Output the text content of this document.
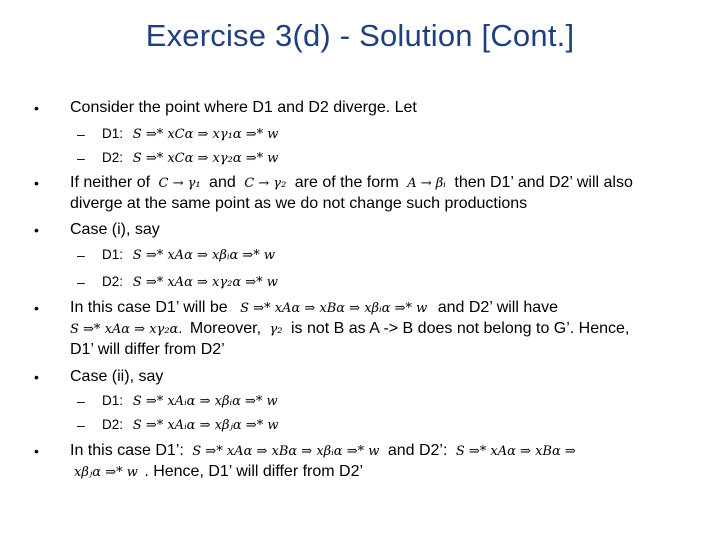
Exercise 3(d) - Solution [Cont.]
• Consider the point where D1 and D2 diverge. Let
– D1: S ⇒* xCα ⇒ xγ₁α ⇒* w
– D2: S ⇒* xCα ⇒ xγ₂α ⇒* w
• If neither of C → γ₁ and C → γ₂ are of the form A → βᵢ then D1’ and D2’ will also
diverge at the same point as we do not change such productions
• Case (i), say
– D1: S ⇒* xAα ⇒ xβᵢα ⇒* w
– D2: S ⇒* xAα ⇒ xγ₂α ⇒* w
• In this case D1’ will be S ⇒* xAα ⇒ xBα ⇒ xβᵢα ⇒* w and D2’ will have
S ⇒* xAα ⇒ xγ₂α. Moreover, γ₂ is not B as A -> B does not belong to G’. Hence,
D1’ will differ from D2’
• Case (ii), say
– D1: S ⇒* xAᵢα ⇒ xβᵢα ⇒* w
– D2: S ⇒* xAᵢα ⇒ xβⱼα ⇒* w
• In this case D1’: S ⇒* xAα ⇒ xBα ⇒ xβᵢα ⇒* w and D2’: S ⇒* xAα ⇒ xBα ⇒
xβⱼα ⇒* w . Hence, D1’ will differ from D2’
